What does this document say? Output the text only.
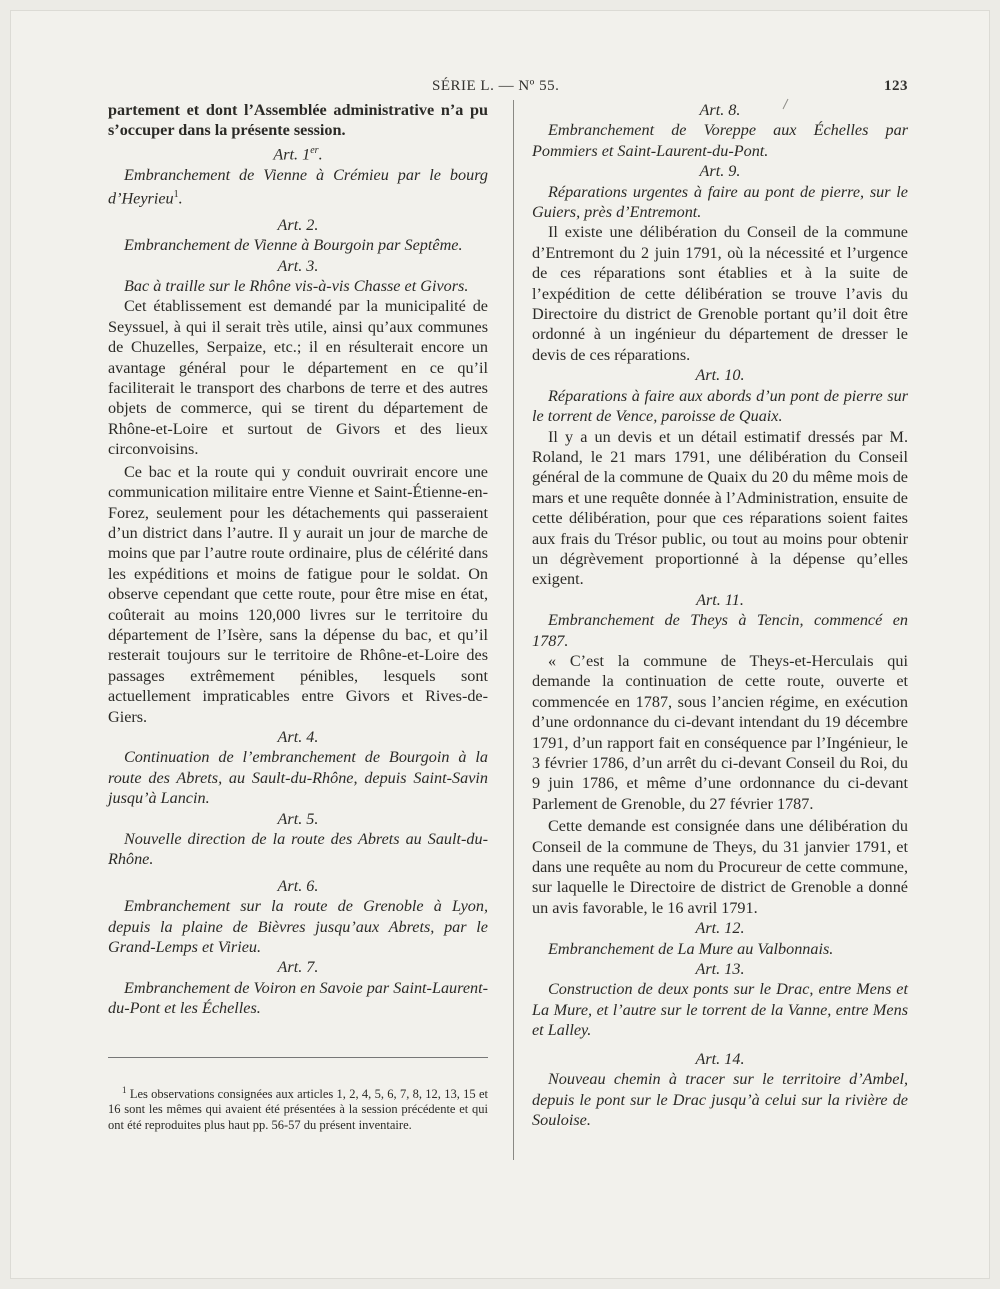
SÉRIE L. — Nº 55.	123

partement et dont l’Assemblée administrative n’a pu s’occuper dans la présente session.

Art. 1er.

Embranchement de Vienne à Crémieu par le bourg d’Heyrieu$^1$.

Art. 2.

Embranchement de Vienne à Bourgoin par Septême.

Art. 3.

Bac à traille sur le Rhône vis-à-vis Chasse et Givors.

Cet établissement est demandé par la municipalité de Seyssuel, à qui il serait très utile, ainsi qu’aux communes de Chuzelles, Serpaize, etc.; il en résulterait encore un avantage général pour le département en ce qu’il faciliterait le transport des charbons de terre et des autres objets de commerce, qui se tirent du département de Rhône-et-Loire et surtout de Givors et des lieux circonvoisins.

Ce bac et la route qui y conduit ouvrirait encore une communication militaire entre Vienne et Saint-Étienne-en-Forez, seulement pour les détachements qui passeraient d’un district dans l’autre. Il y aurait un jour de marche de moins que par l’autre route ordinaire, plus de célérité dans les expéditions et moins de fatigue pour le soldat. On observe cependant que cette route, pour être mise en état, coûterait au moins 120,000 livres sur le territoire du département de l’Isère, sans la dépense du bac, et qu’il resterait toujours sur le territoire de Rhône-et-Loire des passages extrêmement pénibles, lesquels sont actuellement impraticables entre Givors et Rives-de-Giers.

Art. 4.

Continuation de l’embranchement de Bourgoin à la route des Abrets, au Sault-du-Rhône, depuis Saint-Savin jusqu’à Lancin.

Art. 5.

Nouvelle direction de la route des Abrets au Sault-du-Rhône.

Art. 6.

Embranchement sur la route de Grenoble à Lyon, depuis la plaine de Bièvres jusqu’aux Abrets, par le Grand-Lemps et Virieu.

Art. 7.

Embranchement de Voiron en Savoie par Saint-Laurent-du-Pont et les Échelles.

$^1$ Les observations consignées aux articles 1, 2, 4, 5, 6, 7, 8, 12, 13, 15 et 16 sont les mêmes qui avaient été présentées à la session précédente et qui ont été reproduites plus haut pp. 56-57 du présent inventaire.

Art. 8.

Embranchement de Voreppe aux Échelles par Pommiers et Saint-Laurent-du-Pont.

Art. 9.

Réparations urgentes à faire au pont de pierre, sur le Guiers, près d’Entremont.

Il existe une délibération du Conseil de la commune d’Entremont du 2 juin 1791, où la nécessité et l’urgence de ces réparations sont établies et à la suite de l’expédition de cette délibération se trouve l’avis du Directoire du district de Grenoble portant qu’il doit être ordonné à un ingénieur du département de dresser le devis de ces réparations.

Art. 10.

Réparations à faire aux abords d’un pont de pierre sur le torrent de Vence, paroisse de Quaix.

Il y a un devis et un détail estimatif dressés par M. Roland, le 21 mars 1791, une délibération du Conseil général de la commune de Quaix du 20 du même mois de mars et une requête donnée à l’Administration, ensuite de cette délibération, pour que ces réparations soient faites aux frais du Trésor public, ou tout au moins pour obtenir un dégrèvement proportionné à la dépense qu’elles exigent.

Art. 11.

Embranchement de Theys à Tencin, commencé en 1787.

« C’est la commune de Theys-et-Herculais qui demande la continuation de cette route, ouverte et commencée en 1787, sous l’ancien régime, en exécution d’une ordonnance du ci-devant intendant du 19 décembre 1791, d’un rapport fait en conséquence par l’Ingénieur, le 3 février 1786, d’un arrêt du ci-devant Conseil du Roi, du 9 juin 1786, et même d’une ordonnance du ci-devant Parlement de Grenoble, du 27 février 1787.

Cette demande est consignée dans une délibération du Conseil de la commune de Theys, du 31 janvier 1791, et dans une requête au nom du Procureur de cette commune, sur laquelle le Directoire de district de Grenoble a donné un avis favorable, le 16 avril 1791.

Art. 12.

Embranchement de La Mure au Valbonnais.

Art. 13.

Construction de deux ponts sur le Drac, entre Mens et La Mure, et l’autre sur le torrent de la Vanne, entre Mens et Lalley.

Art. 14.

Nouveau chemin à tracer sur le territoire d’Ambel, depuis le pont sur le Drac jusqu’à celui sur la rivière de Souloise.
